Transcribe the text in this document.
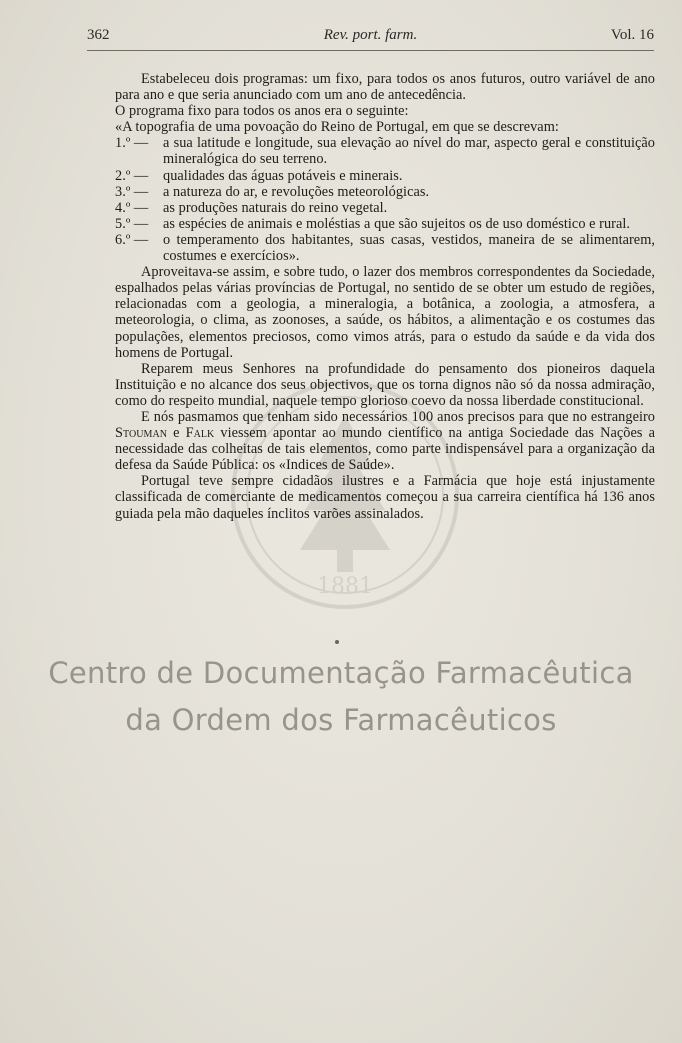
362	Rev. port. farm.	Vol. 16
1881

Estabeleceu dois programas: um fixo, para todos os anos futuros, outro variável de ano para ano e que seria anunciado com um ano de antecedência.

O programa fixo para todos os anos era o seguinte:

«A topografia de uma povoação do Reino de Portugal, em que se descrevam:

1.º — a sua latitude e longitude, sua elevação ao nível do mar, aspecto geral e constituição mineralógica do seu terreno.

2.º — qualidades das águas potáveis e minerais.

3.º — a natureza do ar, e revoluções meteorológicas.

4.º — as produções naturais do reino vegetal.

5.º — as espécies de animais e moléstias a que são sujeitos os de uso doméstico e rural.

6.º — o temperamento dos habitantes, suas casas, vestidos, maneira de se alimentarem, costumes e exercícios».

Aproveitava-se assim, e sobre tudo, o lazer dos membros correspondentes da Sociedade, espalhados pelas várias províncias de Portugal, no sentido de se obter um estudo de regiões, relacionadas com a geologia, a mineralogia, a botânica, a zoologia, a atmosfera, a meteorologia, o clima, as zoonoses, a saúde, os hábitos, a alimentação e os costumes das populações, elementos preciosos, como vimos atrás, para o estudo da saúde e da vida dos homens de Portugal.

Reparem meus Senhores na profundidade do pensamento dos pioneiros daquela Instituição e no alcance dos seus objectivos, que os torna dignos não só da nossa admiração, como do respeito mundial, naquele tempo glorioso coevo da nossa liberdade constitucional.

E nós pasmamos que tenham sido necessários 100 anos precisos para que no estrangeiro Stouman e Falk viessem apontar ao mundo científico na antiga Sociedade das Nações a necessidade das colheitas de tais elementos, como parte indispensável para a organização da defesa da Saúde Pública: os «Indices de Saúde».

Portugal teve sempre cidadãos ilustres e a Farmácia que hoje está injustamente classificada de comerciante de medicamentos começou a sua carreira científica há 136 anos guiada pela mão daqueles ínclitos varões assinalados.

Centro de Documentação Farmacêutica
da Ordem dos Farmacêuticos
